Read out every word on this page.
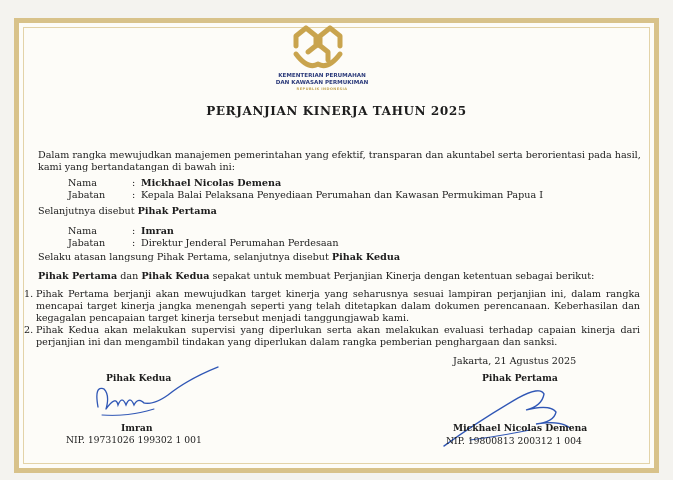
KEMENTERIAN PERUMAHAN
DAN KAWASAN PERMUKIMAN
REPUBLIK INDONESIA
PERJANJIAN KINERJA TAHUN 2025
Dalam rangka mewujudkan manajemen pemerintahan yang efektif, transparan dan akuntabel serta berorientasi pada hasil,
kami yang bertandatangan di bawah ini:
Nama	: Mickhael Nicolas Demena
Jabatan	: Kepala Balai Pelaksana Penyediaan Perumahan dan Kawasan Permukiman Papua I
Selanjutnya disebut Pihak Pertama
Nama	: Imran
Jabatan	: Direktur Jenderal Perumahan Perdesaan
Selaku atasan langsung Pihak Pertama, selanjutnya disebut Pihak Kedua
Pihak Pertama dan Pihak Kedua sepakat untuk membuat Perjanjian Kinerja dengan ketentuan sebagai berikut:
1. Pihak Pertama berjanji akan mewujudkan target kinerja yang seharusnya sesuai lampiran perjanjian ini, dalam rangka mencapai target kinerja jangka menengah seperti yang telah ditetapkan dalam dokumen perencanaan. Keberhasilan dan kegagalan pencapaian target kinerja tersebut menjadi tanggungjawab kami.
2. Pihak Kedua akan melakukan supervisi yang diperlukan serta akan melakukan evaluasi terhadap capaian kinerja dari perjanjian ini dan mengambil tindakan yang diperlukan dalam rangka pemberian penghargaan dan sanksi.
Jakarta, 21 Agustus 2025
Pihak Kedua
Imran
NIP. 19731026 199302 1 001
Pihak Pertama
Mickhael Nicolas Demena
NIP. 19800813 200312 1 004
